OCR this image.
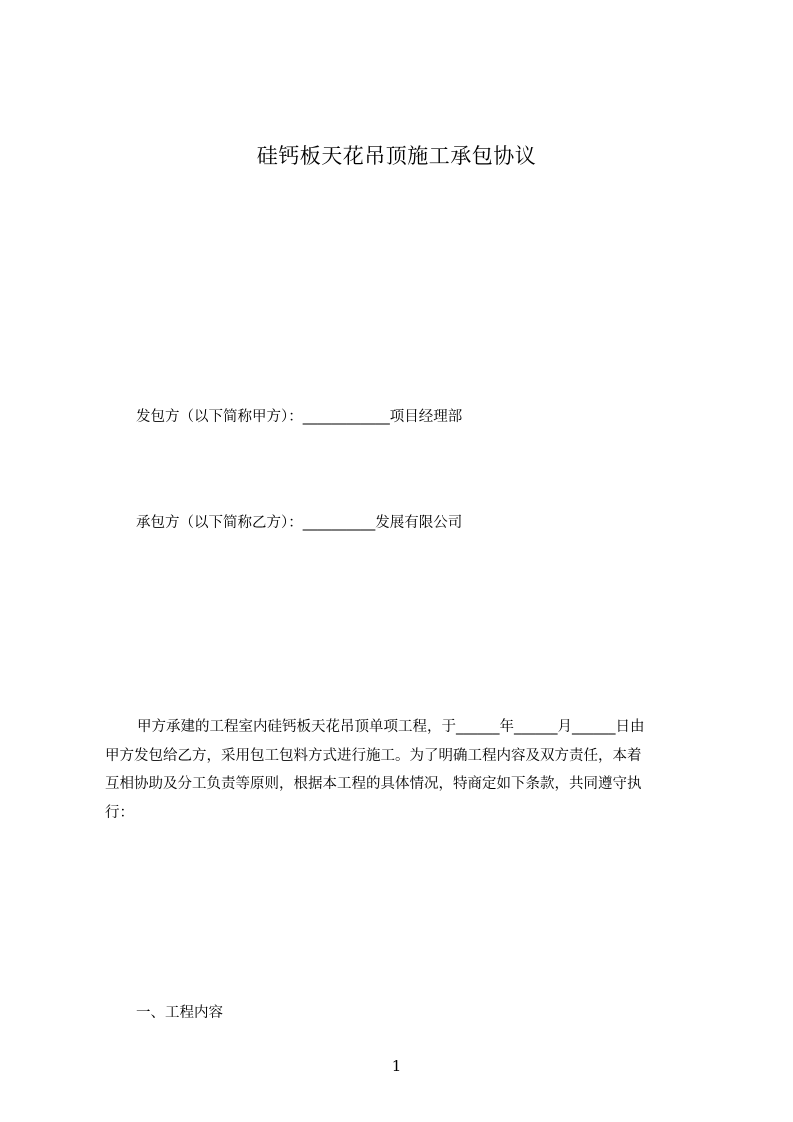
硅钙板天花吊顶施工承包协议
发包方（以下简称甲方）：____________项目经理部
承包方（以下简称乙方）：__________发展有限公司
甲方承建的工程室内硅钙板天花吊顶单项工程，于______年______月______日由
甲方发包给乙方，采用包工包料方式进行施工。为了明确工程内容及双方责任，本着
互相协助及分工负责等原则，根据本工程的具体情况，特商定如下条款，共同遵守执
行：
一、工程内容
1
